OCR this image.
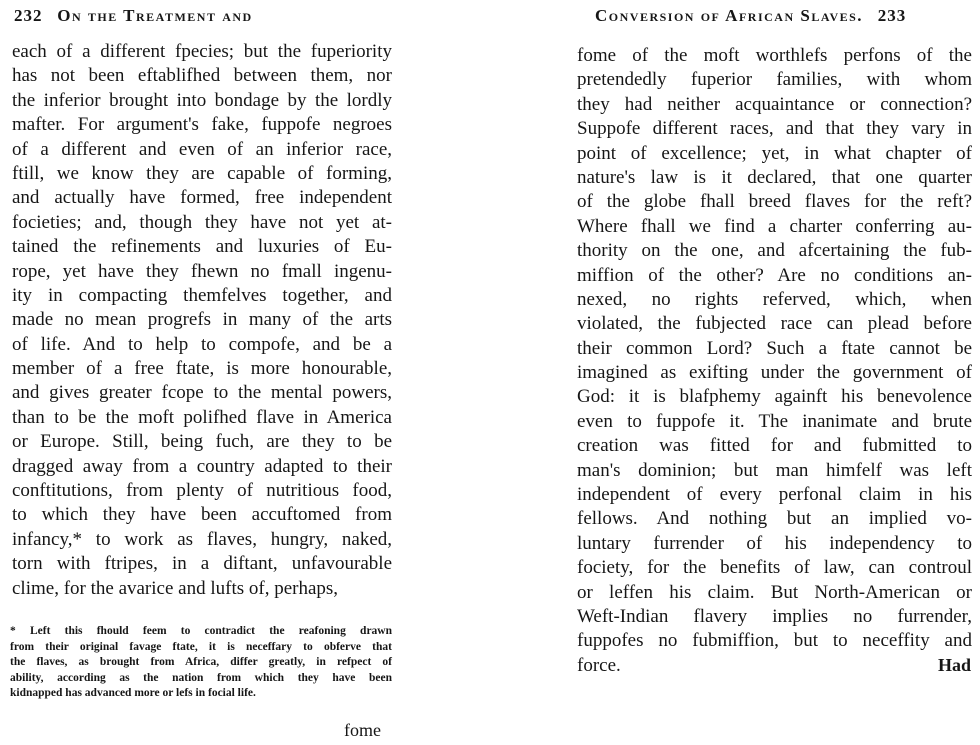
232 On the Treatment and
each of a different fpecies; but the fuperiority
has not been eftablifhed between them, nor
the inferior brought into bondage by the lordly
mafter. For argument's fake, fuppofe negroes
of a different and even of an inferior race,
ftill, we know they are capable of forming,
and actually have formed, free independent
focieties; and, though they have not yet at-
tained the refinements and luxuries of Eu-
rope, yet have they fhewn no fmall ingenu-
ity in compacting themfelves together, and
made no mean progrefs in many of the arts
of life. And to help to compofe, and be a
member of a free ftate, is more honourable,
and gives greater fcope to the mental powers,
than to be the moft polifhed flave in America
or Europe. Still, being fuch, are they to be
dragged away from a country adapted to their
conftitutions, from plenty of nutritious food,
to which they have been accuftomed from
infancy,* to work as flaves, hungry, naked,
torn with ftripes, in a diftant, unfavourable
clime, for the avarice and lufts of, perhaps,
* Left this fhould feem to contradict the reafoning drawn
from their original favage ftate, it is neceffary to obferve that
the flaves, as brought from Africa, differ greatly, in refpect of
ability, according as the nation from which they have been
kidnapped has advanced more or lefs in focial life.
fome
Conversion of African Slaves. 233
fome of the moft worthlefs perfons of the
pretendedly fuperior families, with whom
they had neither acquaintance or connection?
Suppofe different races, and that they vary in
point of excellence; yet, in what chapter of
nature's law is it declared, that one quarter
of the globe fhall breed flaves for the reft?
Where fhall we find a charter conferring au-
thority on the one, and afcertaining the fub-
miffion of the other? Are no conditions an-
nexed, no rights referved, which, when
violated, the fubjected race can plead before
their common Lord? Such a ftate cannot be
imagined as exifting under the government of
God: it is blafphemy againft his benevolence
even to fuppofe it. The inanimate and brute
creation was fitted for and fubmitted to
man's dominion; but man himfelf was left
independent of every perfonal claim in his
fellows. And nothing but an implied vo-
luntary furrender of his independency to
fociety, for the benefits of law, can controul
or leffen his claim. But North-American or
Weft-Indian flavery implies no furrender,
fuppofes no fubmiffion, but to neceffity and
force.	Had
